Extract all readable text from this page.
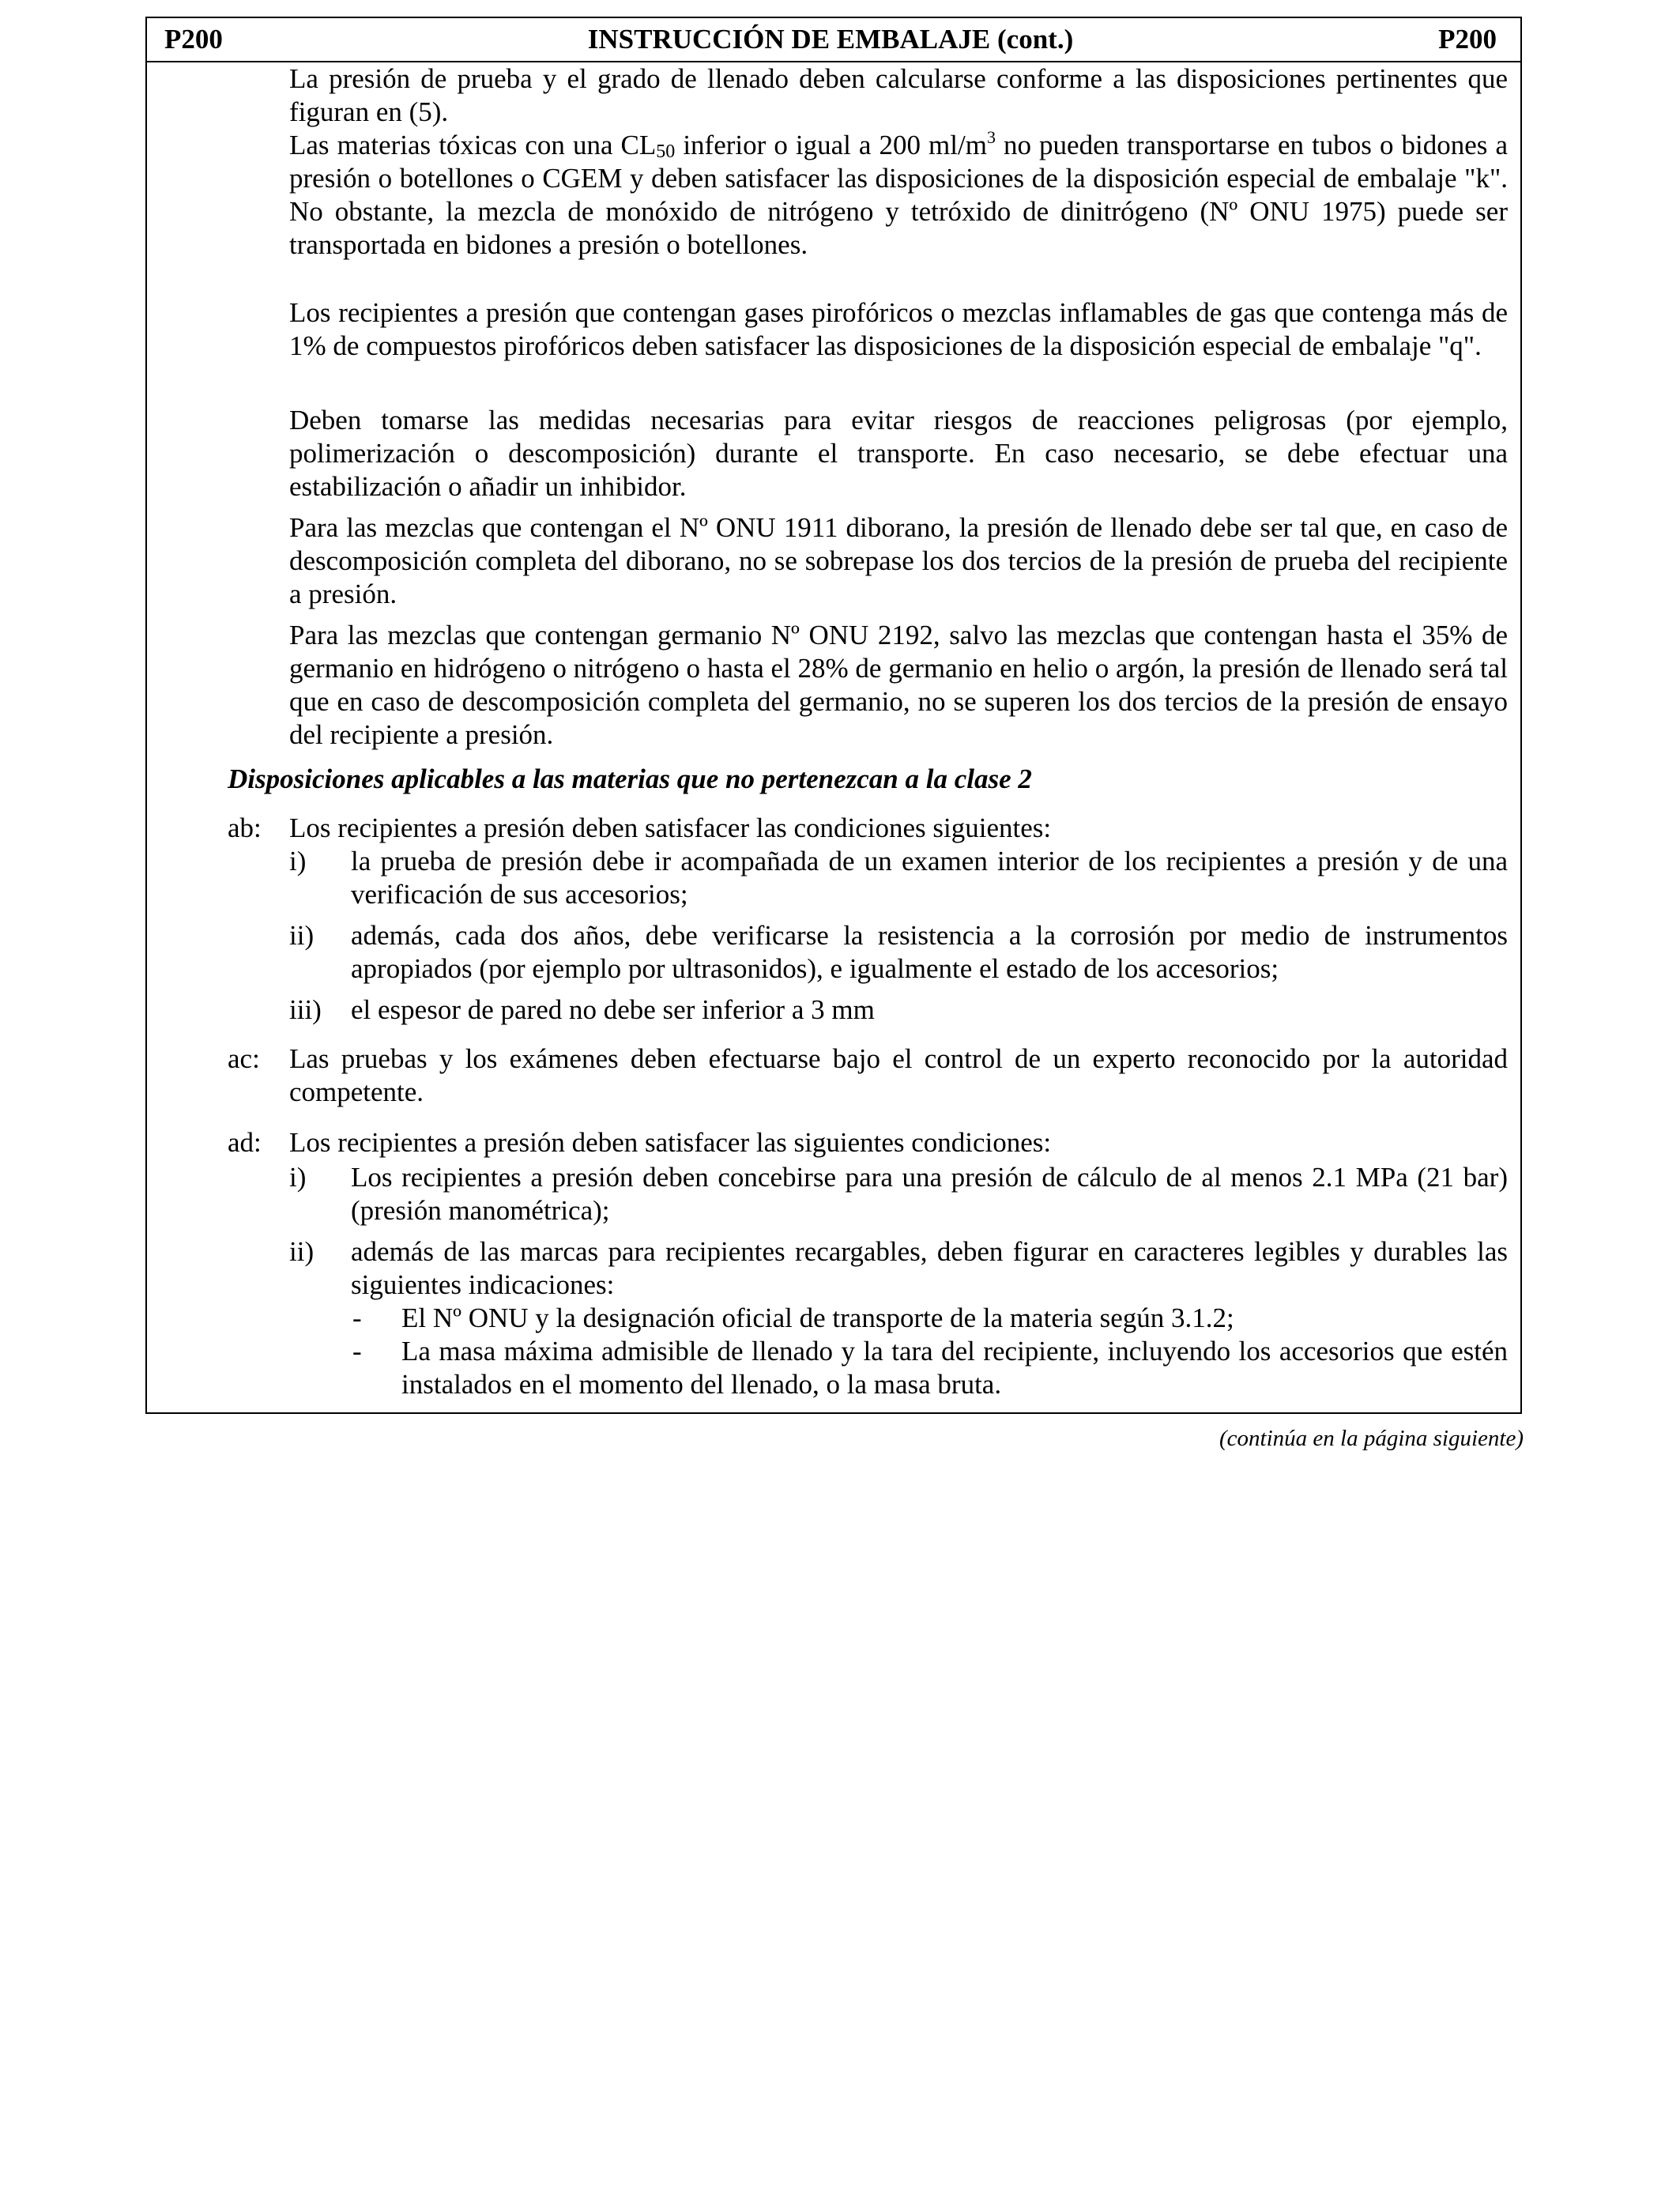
P200	INSTRUCCIÓN DE EMBALAJE (cont.)	P200

La presión de prueba y el grado de llenado deben calcularse conforme a las disposiciones pertinentes que figuran en (5).

Las materias tóxicas con una $CL_{50}$ inferior o igual a 200 $ml/m^3$ no pueden transportarse en tubos o bidones a presión o botellones o CGEM y deben satisfacer las disposiciones de la disposición especial de embalaje "k". No obstante, la mezcla de monóxido de nitrógeno y tetróxido de dinitrógeno (Nº ONU 1975) puede ser transportada en bidones a presión o botellones.

Los recipientes a presión que contengan gases pirofóricos o mezclas inflamables de gas que contenga más de 1% de compuestos pirofóricos deben satisfacer las disposiciones de la disposición especial de embalaje "q".

Deben tomarse las medidas necesarias para evitar riesgos de reacciones peligrosas (por ejemplo, polimerización o descomposición) durante el transporte. En caso necesario, se debe efectuar una estabilización o añadir un inhibidor.

Para las mezclas que contengan el Nº ONU 1911 diborano, la presión de llenado debe ser tal que, en caso de descomposición completa del diborano, no se sobrepase los dos tercios de la presión de prueba del recipiente a presión.

Para las mezclas que contengan germanio Nº ONU 2192, salvo las mezclas que contengan hasta el 35% de germanio en hidrógeno o nitrógeno o hasta el 28% de germanio en helio o argón, la presión de llenado será tal que en caso de descomposición completa del germanio, no se superen los dos tercios de la presión de ensayo del recipiente a presión.

Disposiciones aplicables a las materias que no pertenezcan a la clase 2

ab: Los recipientes a presión deben satisfacer las condiciones siguientes:
i) la prueba de presión debe ir acompañada de un examen interior de los recipientes a presión y de una verificación de sus accesorios;
ii) además, cada dos años, debe verificarse la resistencia a la corrosión por medio de instrumentos apropiados (por ejemplo por ultrasonidos), e igualmente el estado de los accesorios;
iii) el espesor de pared no debe ser inferior a 3 mm
ac: Las pruebas y los exámenes deben efectuarse bajo el control de un experto reconocido por la autoridad competente.
ad: Los recipientes a presión deben satisfacer las siguientes condiciones:
i) Los recipientes a presión deben concebirse para una presión de cálculo de al menos 2.1 MPa (21 bar) (presión manométrica);
ii) además de las marcas para recipientes recargables, deben figurar en caracteres legibles y durables las siguientes indicaciones:
- El Nº ONU y la designación oficial de transporte de la materia según 3.1.2;
- La masa máxima admisible de llenado y la tara del recipiente, incluyendo los accesorios que estén instalados en el momento del llenado, o la masa bruta.
(continúa en la página siguiente)
